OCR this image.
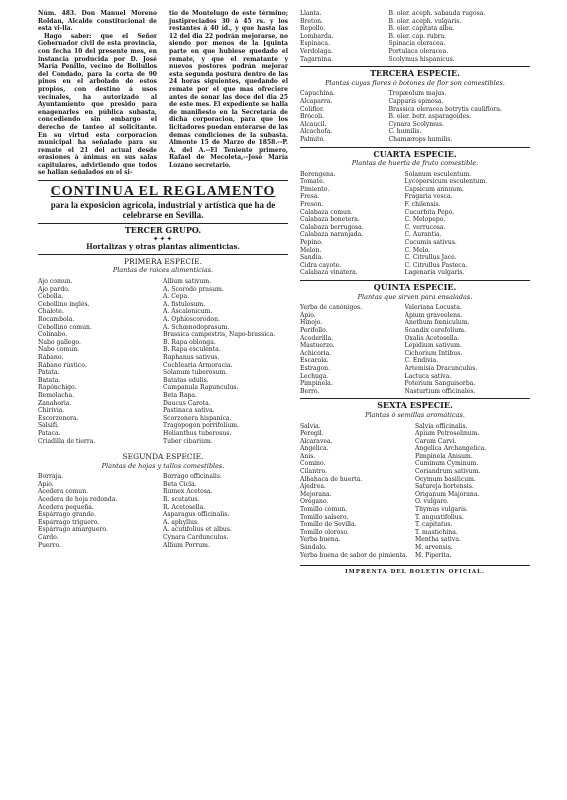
Núm. 483. Don Manuel Moreno Roldan, Alcalde constitucional de esta vi-lla.
Hago saber: que el Señor Gobernador civil de esta provincia, con fecha 10 del presente mes, en instancia producida por D. José María Penillo, vecino de Bollullos del Condado, para la corta de 90 pinos en el arbolado de estos propios, con destino á usos vecinales, ha autorizado al Ayuntamiento que presido para enagenarles en pública subasta, concediendo sin embargo el derecho de tanteo al solicitante. En su virtud esta corporacion municipal ha señalado para su remate el 21 del actual desde orasiones á ánimas en sus salas capitulares, advirtiendo que todos se hallan señalados en el si-
tio de Montelugo de este término; justipreciados 30 á 45 rs. y los restantes á 40 íd., y que hasta las 12 del dia 22 podrán mejorarse, no siendo por menos de la [quinta parte en que hubiese quedado el remate, y que el rematante y nuevos postores podrán mejorar esta segunda postura dentro de las 24 horas siguientes, quedando el remate por el que mas ofreciere antes de sonar las doce del dia 25 de este mes. El expediente se halla de manifiesto en la Secretaría de dicha corporacion, para que los licitadores puedan enterarse de las demas condiciones de la subasta. Almonte 15 de Marzo de 1858.--P. A. del A.--El Teniente primero, Rafael de Mecoleta,--José María Lozano secretario.
CONTINUA EL REGLAMENTO
para la exposicion agrícola, industrial y artística que ha de celebrarse en Sevilla.
TERCER GRUPO.
✦✦✦
Hortalizas y otras plantas alimenticias.
PRIMERA ESPECIE.
Plantas de raices alimenticias.
Ajo comun.
Ajo pardo.
Cebolla.
Cebollino inglés.
Chalote.
Rocambola.
Cebollino comun.
Colinabo.
Nabo gallego.
Nabo comun.
Rábano.
Rábano rústico.
Patata.
Batata.
Rapónchigo.
Remolacha.
Zanahoria.
Chirivia.
Escorzonera.
Salsifí.
Pataca.
Criadilla de tierra.
Allium sativum.
A. Scorodo prasum.
A. Cepa.
A. fistulosum.
A. Ascalonicum.
A. Ophioscorodon.
A. Schœnodoprasum.
Brassica campestris, Napo-brassica.
B. Rapa oblonga.
B. Rapa esculenta.
Raphanus sativus.
Cochlearia Armoracia.
Solanum tuberosum.
Batatas edulis.
Campanula Rapunculus.
Beta Rapa.
Daucus Carota.
Pastinaca sativa.
Scorzonera hispanica.
Tragopogon porrifolium.
Helianthus tuberosus.
Tuber cibarium.
SEGUNDA ESPECIE.
Plantas de hojas y tallos comestibles.
Borraja.
Apio.
Acedera comun.
Acedera de hoja redonda.
Acedera pequeña.
Espárrago grande.
Espárrago triguero.
Espárrago amarguero.
Cardo.
Puerro.
Borrago officinalis.
Beta Cicla.
Rumex Acetosa.
R. scutatus.
R. Acetosella.
Asparagus officinalis.
A. aphyllus.
A. acutifolius et albus.
Cynara Cardunculus.
Allium Porrum.
Llanta.
Breton.
Repollo.
Lombarda.
Espinaca.
Verdolaga.
Tagarnina.
B. oler. aceph. sabauda rugosa.
B. oler. aceph. vulgaris.
B. oler. capitata alba.
B. oler. cap. rubra.
Spinacia oleracea.
Portulaca oleracea.
Scolymus hispanicus.
TERCERA ESPECIE.
Plantas cuyas flores ó botones de flor son comestibles.
Capuchina.
Alcaparra.
Coliflor.
Brócoli.
Alcaucil.
Alcachofa.
Palmito.
Tropæolum majus.
Capparis spinosa.
Brassica oleracea botrytis cauliflora.
B. oler. botr. asparagoides.
Cynara Scolymus.
C. humilis.
Chamærops humilis.
CUARTA ESPECIE.
Plantas de huerta de fruto comestible.
Berengena.
Tomate.
Pimiento.
Fresa.
Freson.
Calabaza comun.
Calabaza bonetera.
Calabaza berrugosa.
Calabaza naranjada.
Pepino.
Melon.
Sandía.
Cidra cayote.
Calabaza vinatera.
Solanum esculentum.
Lycopersicum esculentum.
Capsicum annuum.
Fragaria vesca.
F. chilensis.
Cucurbita Pepo.
C. Melopepo.
C. verrucosa.
C. Aurantia.
Cucumis sativus.
C. Melo.
C. Citrullus Jace.
C. Citrullus Pasteca.
Lagenaria vulgaris.
QUINTA ESPECIE.
Plantas que sirven para ensaladas.
Yerba de canónigos.
Apio.
Hinojo.
Perifollo.
Acederilla.
Mastuerzo.
Achicoria.
Escarola.
Estragon.
Lechuga.
Pimpinela.
Berro.
Valeriana Locusta.
Apium graveolens.
Anethum fœniculum.
Scandix cerefolium.
Oxalis Acetosella.
Lepidium sativum.
Cichorium Intibus.
C. Endivia.
Artemisia Dracunculus.
Lactuca sativa.
Poterium Sanguisorba.
Nasturtium officinales.
SEXTA ESPECIE.
Plantas ó semillas aromáticas.
Salvia.
Peregil.
Alcaravea.
Angélica.
Anis.
Comino.
Cilantro.
Albahaca de huerta.
Ajedrea.
Mejorana.
Orégano.
Tomillo comun.
Tomillo salsero.
Tomillo de Sevilla.
Tomillo oloroso.
Yerba buena.
Sándalo.
Yerba buena de sabor de pimienta.
Salvia officinalis.
Apium Petroselinum.
Carum Carvi.
Angelica Archangelica.
Pimpinela Anisum.
Cuminum Cyminum.
Coriandrum sativum.
Ocymum basilicum.
Satureja hortensis.
Origanum Majorana.
O. vulgare.
Thymus vulgaris.
T. angustifolius.
T. capitatus.
T. mastichina.
Mentha sativa.
M. arvensis.
M. Piperita.
IMPRENTA DEL BOLETIN OFICIAL.
